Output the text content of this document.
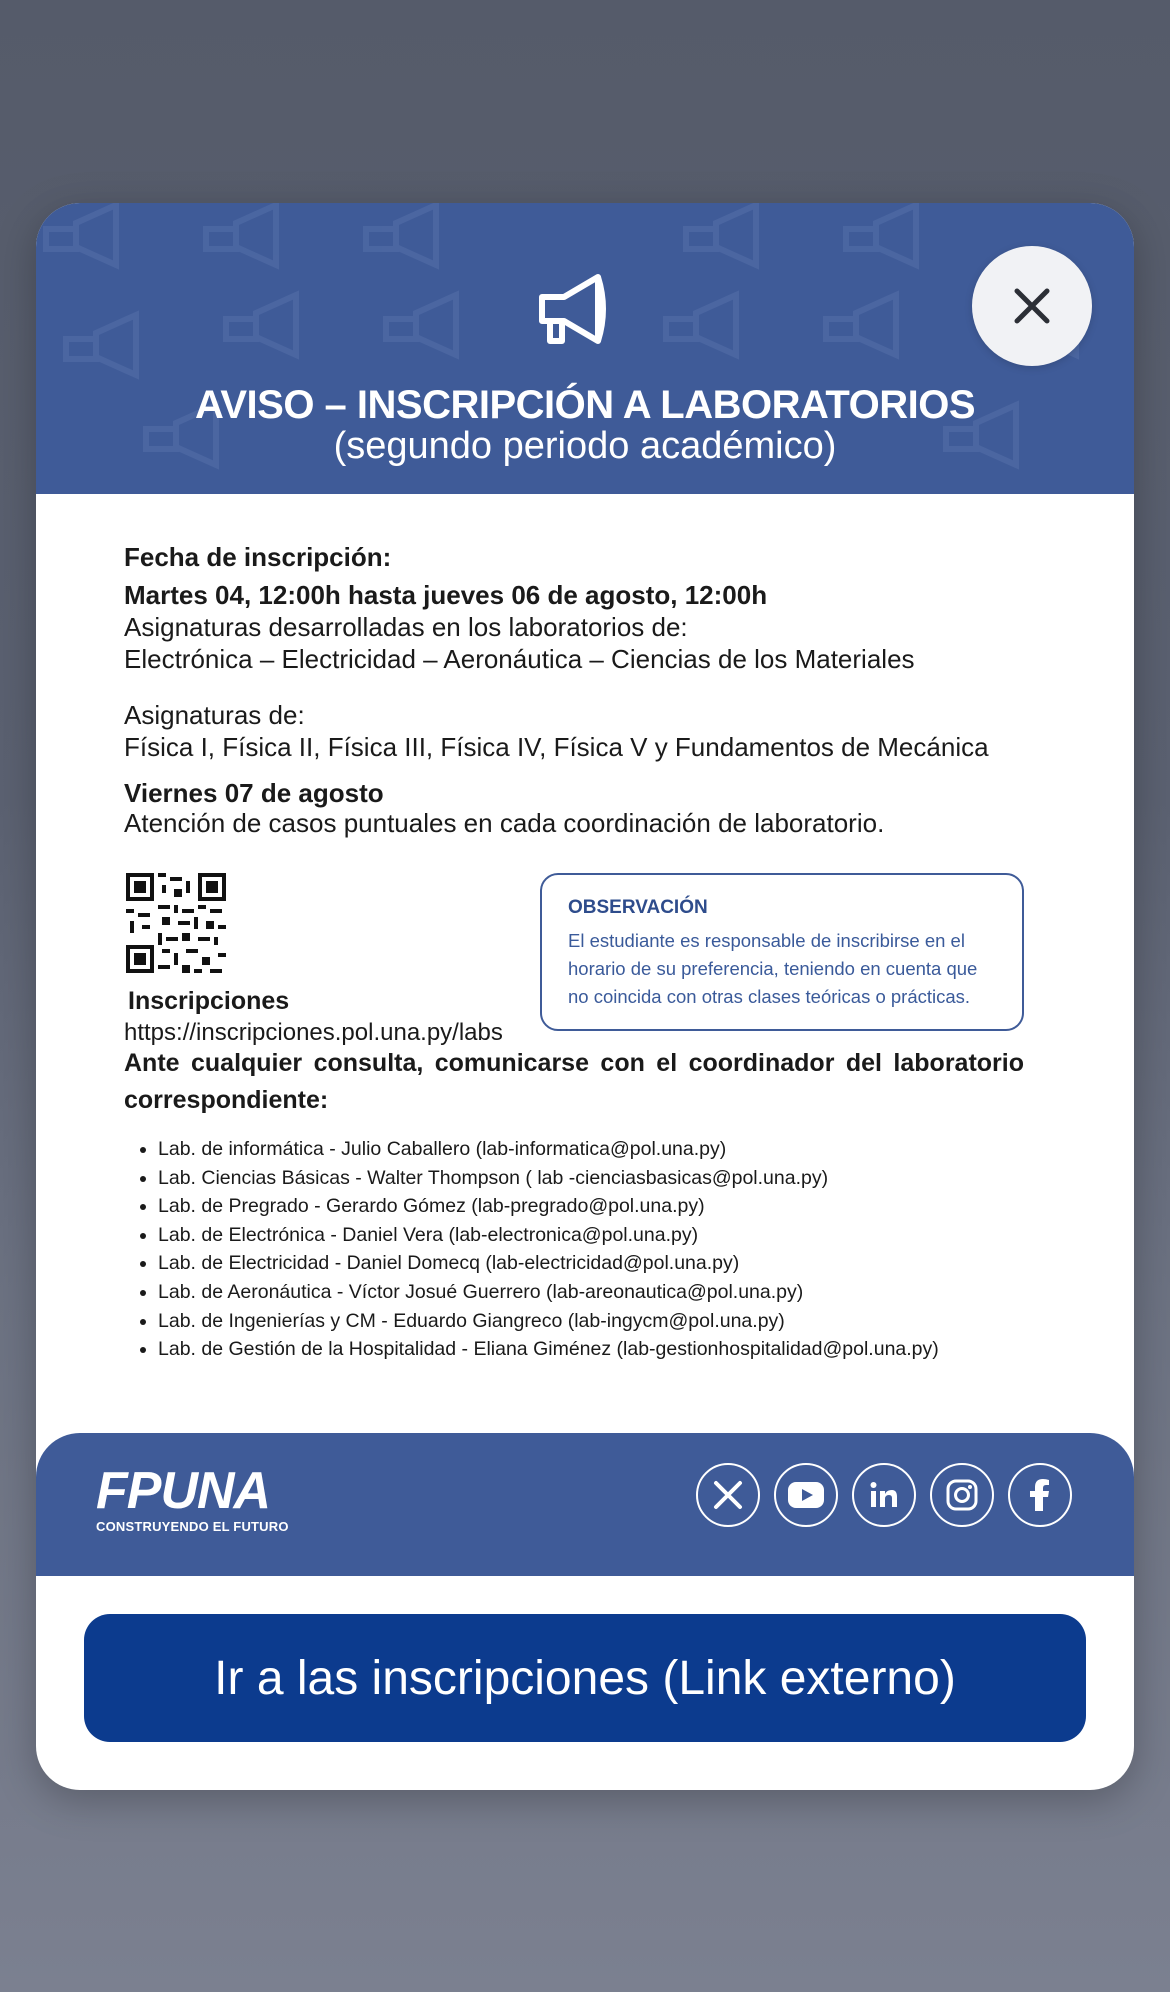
AVISO – INSCRIPCIÓN A LABORATORIOS
(segundo periodo académico)

Fecha de inscripción:

Martes 04, 12:00h hasta jueves 06 de agosto, 12:00h

Asignaturas desarrolladas en los laboratorios de:

Electrónica – Electricidad – Aeronáutica – Ciencias de los Materiales

Asignaturas de:

Física I, Física II, Física III, Física IV, Física V y Fundamentos de Mecánica

Viernes 07 de agosto

Atención de casos puntuales en cada coordinación de laboratorio.

Inscripciones

https://inscripciones.pol.una.py/labs

OBSERVACIÓN
El estudiante es responsable de inscribirse en el horario de su preferencia, teniendo en cuenta que no coincida con otras clases teóricas o prácticas.

Ante cualquier consulta, comunicarse con el coordinador del laboratorio correspondiente:

• Lab. de informática - Julio Caballero (lab-informatica@pol.una.py)
• Lab. Ciencias Básicas - Walter Thompson ( lab -cienciasbasicas@pol.una.py)
• Lab. de Pregrado - Gerardo Gómez (lab-pregrado@pol.una.py)
• Lab. de Electrónica - Daniel Vera (lab-electronica@pol.una.py)
• Lab. de Electricidad - Daniel Domecq (lab-electricidad@pol.una.py)
• Lab. de Aeronáutica - Víctor Josué Guerrero (lab-areonautica@pol.una.py)
• Lab. de Ingenierías y CM - Eduardo Giangreco (lab-ingycm@pol.una.py)
• Lab. de Gestión de la Hospitalidad - Eliana Giménez (lab-gestionhospitalidad@pol.una.py)
FPUNA
CONSTRUYENDO EL FUTURO
Ir a las inscripciones (Link externo)
